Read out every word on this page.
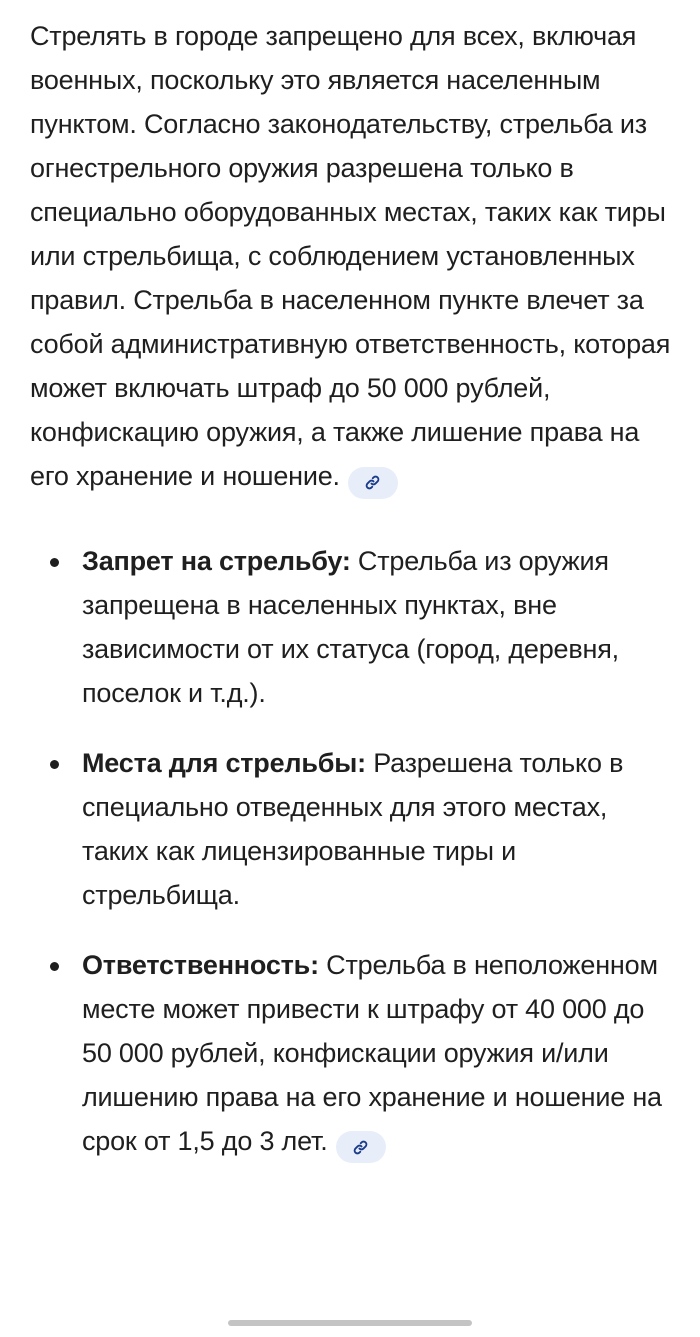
Стрелять в городе запрещено для всех, включая военных, поскольку это является населенным пунктом. Согласно законодательству, стрельба из огнестрельного оружия разрешена только в специально оборудованных местах, таких как тиры или стрельбища, с соблюдением установленных правил. Стрельба в населенном пункте влечет за собой административную ответственность, которая может включать штраф до 50 000 рублей, конфискацию оружия, а также лишение права на его хранение и ношение.

Запрет на стрельбу: Стрельба из оружия запрещена в населенных пунктах, вне зависимости от их статуса (город, деревня, поселок и т.д.).
Места для стрельбы: Разрешена только в специально отведенных для этого местах, таких как лицензированные тиры и стрельбища.
Ответственность: Стрельба в неположенном месте может привести к штрафу от 40 000 до 50 000 рублей, конфискации оружия и/или лишению права на его хранение и ношение на срок от 1,5 до 3 лет.
